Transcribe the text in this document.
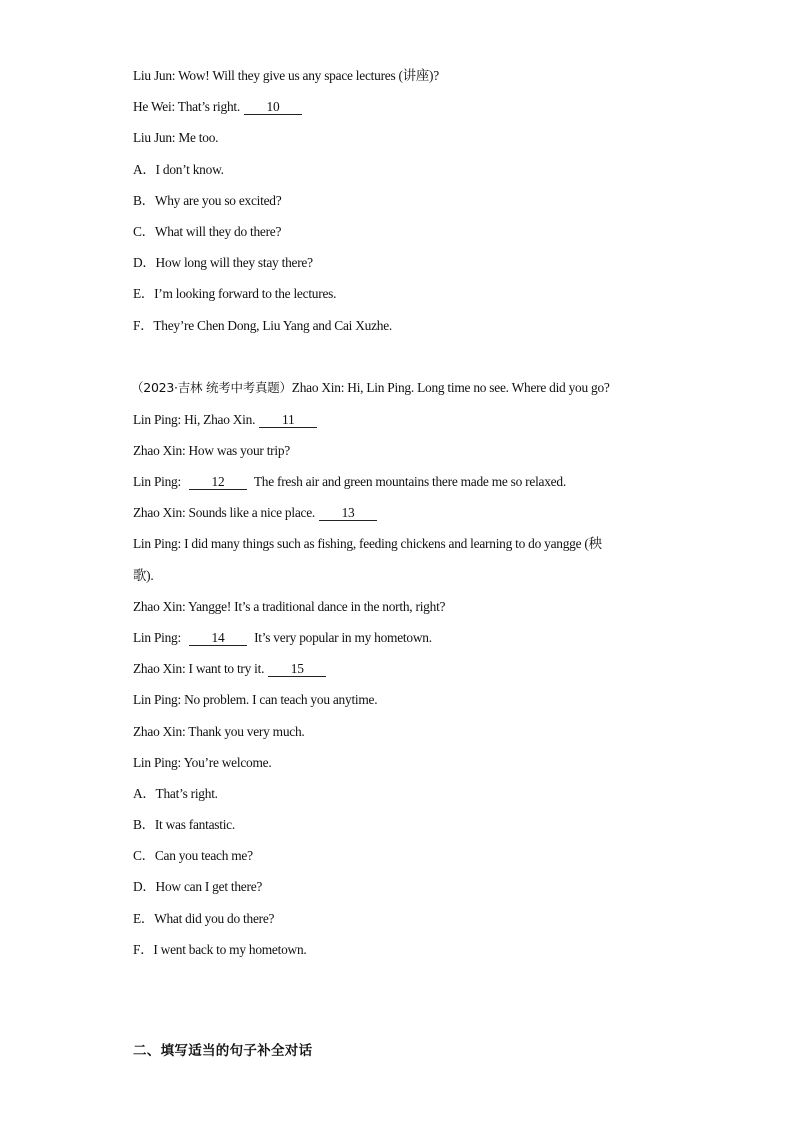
Liu Jun: Wow! Will they give us any space lectures (讲座)?
He Wei: That’s right. 10
Liu Jun: Me too.
A．I don’t know.
B．Why are you so excited?
C．What will they do there?
D．How long will they stay there?
E．I’m looking forward to the lectures.
F．They’re Chen Dong, Liu Yang and Cai Xuzhe.
（2023·吉林 统考中考真题）Zhao Xin: Hi, Lin Ping. Long time no see. Where did you go?
Lin Ping: Hi, Zhao Xin. 11
Zhao Xin: How was your trip?
Lin Ping: 12 The fresh air and green mountains there made me so relaxed.
Zhao Xin: Sounds like a nice place. 13
Lin Ping: I did many things such as fishing, feeding chickens and learning to do yangge (秧
歌).
Zhao Xin: Yangge! It’s a traditional dance in the north, right?
Lin Ping: 14 It’s very popular in my hometown.
Zhao Xin: I want to try it. 15
Lin Ping: No problem. I can teach you anytime.
Zhao Xin: Thank you very much.
Lin Ping: You’re welcome.
A．That’s right.
B．It was fantastic.
C．Can you teach me?
D．How can I get there?
E．What did you do there?
F．I went back to my hometown.
二、填写适当的句子补全对话
